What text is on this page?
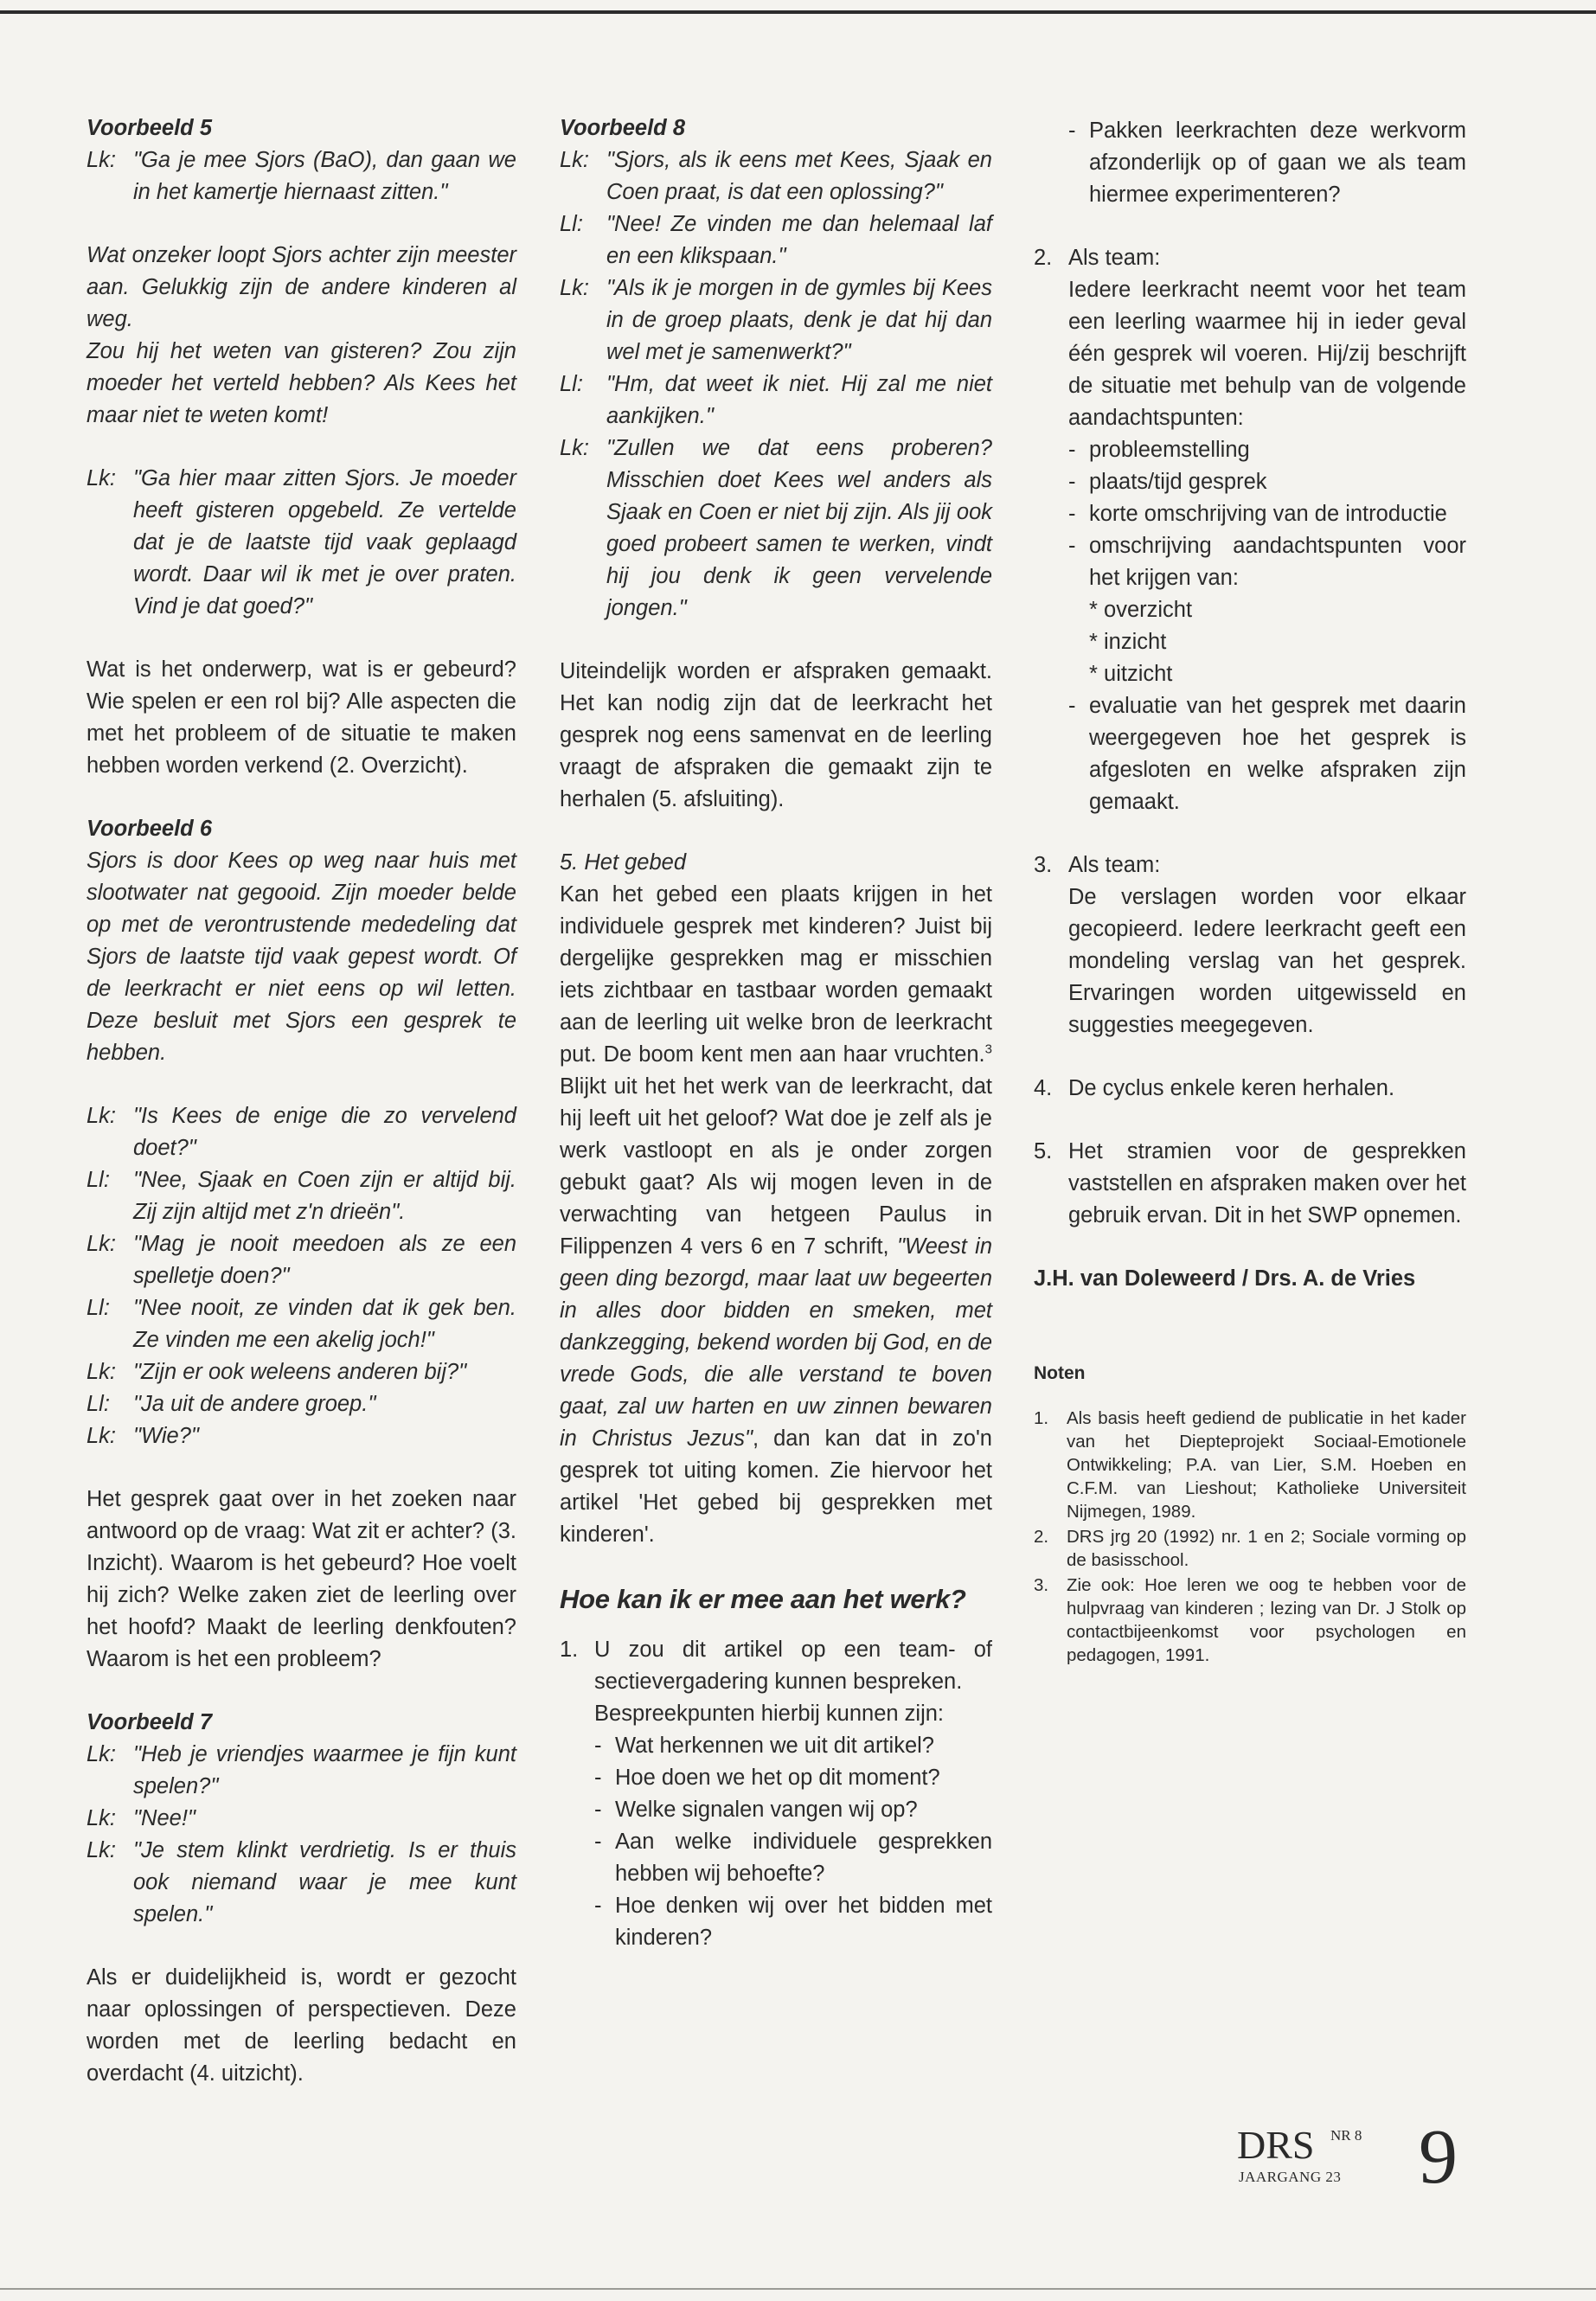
Voorbeeld 5
Lk: "Ga je mee Sjors (BaO), dan gaan we in het kamertje hiernaast zitten."

Wat onzeker loopt Sjors achter zijn meester aan. Gelukkig zijn de andere kinderen al weg.

Zou hij het weten van gisteren? Zou zijn moeder het verteld hebben? Als Kees het maar niet te weten komt!

Lk: "Ga hier maar zitten Sjors. Je moeder heeft gisteren opgebeld. Ze vertelde dat je de laatste tijd vaak geplaagd wordt. Daar wil ik met je over praten. Vind je dat goed?"

Wat is het onderwerp, wat is er gebeurd? Wie spelen er een rol bij? Alle aspecten die met het probleem of de situatie te maken hebben worden verkend (2. Overzicht).

Voorbeeld 6

Sjors is door Kees op weg naar huis met slootwater nat gegooid. Zijn moeder belde op met de verontrustende mededeling dat Sjors de laatste tijd vaak gepest wordt. Of de leerkracht er niet eens op wil letten. Deze besluit met Sjors een gesprek te hebben.

Lk: "Is Kees de enige die zo vervelend doet?"
Ll:	"Nee, Sjaak en Coen zijn er altijd bij. Zij zijn altijd met z'n drieën".
Lk: "Mag je nooit meedoen als ze een spelletje doen?"
Ll:	"Nee nooit, ze vinden dat ik gek ben. Ze vinden me een akelig joch!"
Lk: "Zijn er ook weleens anderen bij?"
Ll:	"Ja uit de andere groep."
Lk: "Wie?"

Het gesprek gaat over in het zoeken naar antwoord op de vraag: Wat zit er achter? (3. Inzicht). Waarom is het gebeurd? Hoe voelt hij zich? Welke zaken ziet de leerling over het hoofd? Maakt de leerling denkfouten? Waarom is het een probleem?

Voorbeeld 7
Lk: "Heb je vriendjes waarmee je fijn kunt spelen?"
Lk: "Nee!"
Lk: "Je stem klinkt verdrietig. Is er thuis ook niemand waar je mee kunt spelen."

Als er duidelijkheid is, wordt er gezocht naar oplossingen of perspectieven. Deze worden met de leerling bedacht en overdacht (4. uitzicht).

Voorbeeld 8
Lk: "Sjors, als ik eens met Kees, Sjaak en Coen praat, is dat een oplossing?"
Ll:	"Nee! Ze vinden me dan helemaal laf en een klikspaan."
Lk: "Als ik je morgen in de gymles bij Kees in de groep plaats, denk je dat hij dan wel met je samenwerkt?"
Ll:	"Hm, dat weet ik niet. Hij zal me niet aankijken."
Lk: "Zullen we dat eens proberen? Misschien doet Kees wel anders als Sjaak en Coen er niet bij zijn. Als jij ook goed probeert samen te werken, vindt hij jou denk ik geen vervelende jongen."

Uiteindelijk worden er afspraken gemaakt. Het kan nodig zijn dat de leerkracht het gesprek nog eens samenvat en de leerling vraagt de afspraken die gemaakt zijn te herhalen (5. afsluiting).

5. Het gebed

Kan het gebed een plaats krijgen in het individuele gesprek met kinderen? Juist bij dergelijke gesprekken mag er misschien iets zichtbaar en tastbaar worden gemaakt aan de leerling uit welke bron de leerkracht put. De boom kent men aan haar vruchten.$^3$ Blijkt uit het het werk van de leerkracht, dat hij leeft uit het geloof? Wat doe je zelf als je werk vastloopt en als je onder zorgen gebukt gaat? Als wij mogen leven in de verwachting van hetgeen Paulus in Filippenzen 4 vers 6 en 7 schrift, "Weest in geen ding bezorgd, maar laat uw begeerten in alles door bidden en smeken, met dankzegging, bekend worden bij God, en de vrede Gods, die alle verstand te boven gaat, zal uw harten en uw zinnen bewaren in Christus Jezus", dan kan dat in zo'n gesprek tot uiting komen. Zie hiervoor het artikel 'Het gebed bij gesprekken met kinderen'.

Hoe kan ik er mee aan het werk?
1. U zou dit artikel op een team- of sectievergadering kunnen bespreken.
Bespreekpunten hierbij kunnen zijn:
- Wat herkennen we uit dit artikel?
- Hoe doen we het op dit moment?
- Welke signalen vangen wij op?
- Aan welke individuele gesprekken hebben wij behoefte?
- Hoe denken wij over het bidden met kinderen?
- Pakken leerkrachten deze werkvorm afzonderlijk op of gaan we als team hiermee experimenteren?
2. Als team:
Iedere leerkracht neemt voor het team een leerling waarmee hij in ieder geval één gesprek wil voeren. Hij/zij beschrijft de situatie met behulp van de volgende aandachtspunten:
- probleemstelling
- plaats/tijd gesprek
- korte omschrijving van de introductie
- omschrijving aandachtspunten voor het krijgen van:
* overzicht
* inzicht
* uitzicht
- evaluatie van het gesprek met daarin weergegeven hoe het gesprek is afgesloten en welke afspraken zijn gemaakt.
3. Als team:
De verslagen worden voor elkaar gecopieerd. Iedere leerkracht geeft een mondeling verslag van het gesprek. Ervaringen worden uitgewisseld en suggesties meegegeven.
4. De cyclus enkele keren herhalen.
5. Het stramien voor de gesprekken vaststellen en afspraken maken over het gebruik ervan. Dit in het SWP opnemen.
J.H. van Doleweerd / Drs. A. de Vries
Noten
1.	Als basis heeft gediend de publicatie in het kader van het Diepteprojekt Sociaal-Emotionele Ontwikkeling; P.A. van Lier, S.M. Hoeben en C.F.M. van Lieshout; Katholieke Universiteit Nijmegen, 1989.
2.	DRS jrg 20 (1992) nr. 1 en 2; Sociale vorming op de basisschool.
3.	Zie ook: Hoe leren we oog te hebben voor de hulpvraag van kinderen ; lezing van Dr. J Stolk op contactbijeenkomst voor psychologen en pedagogen, 1991.
DRS NR 8
JAARGANG 23 9
